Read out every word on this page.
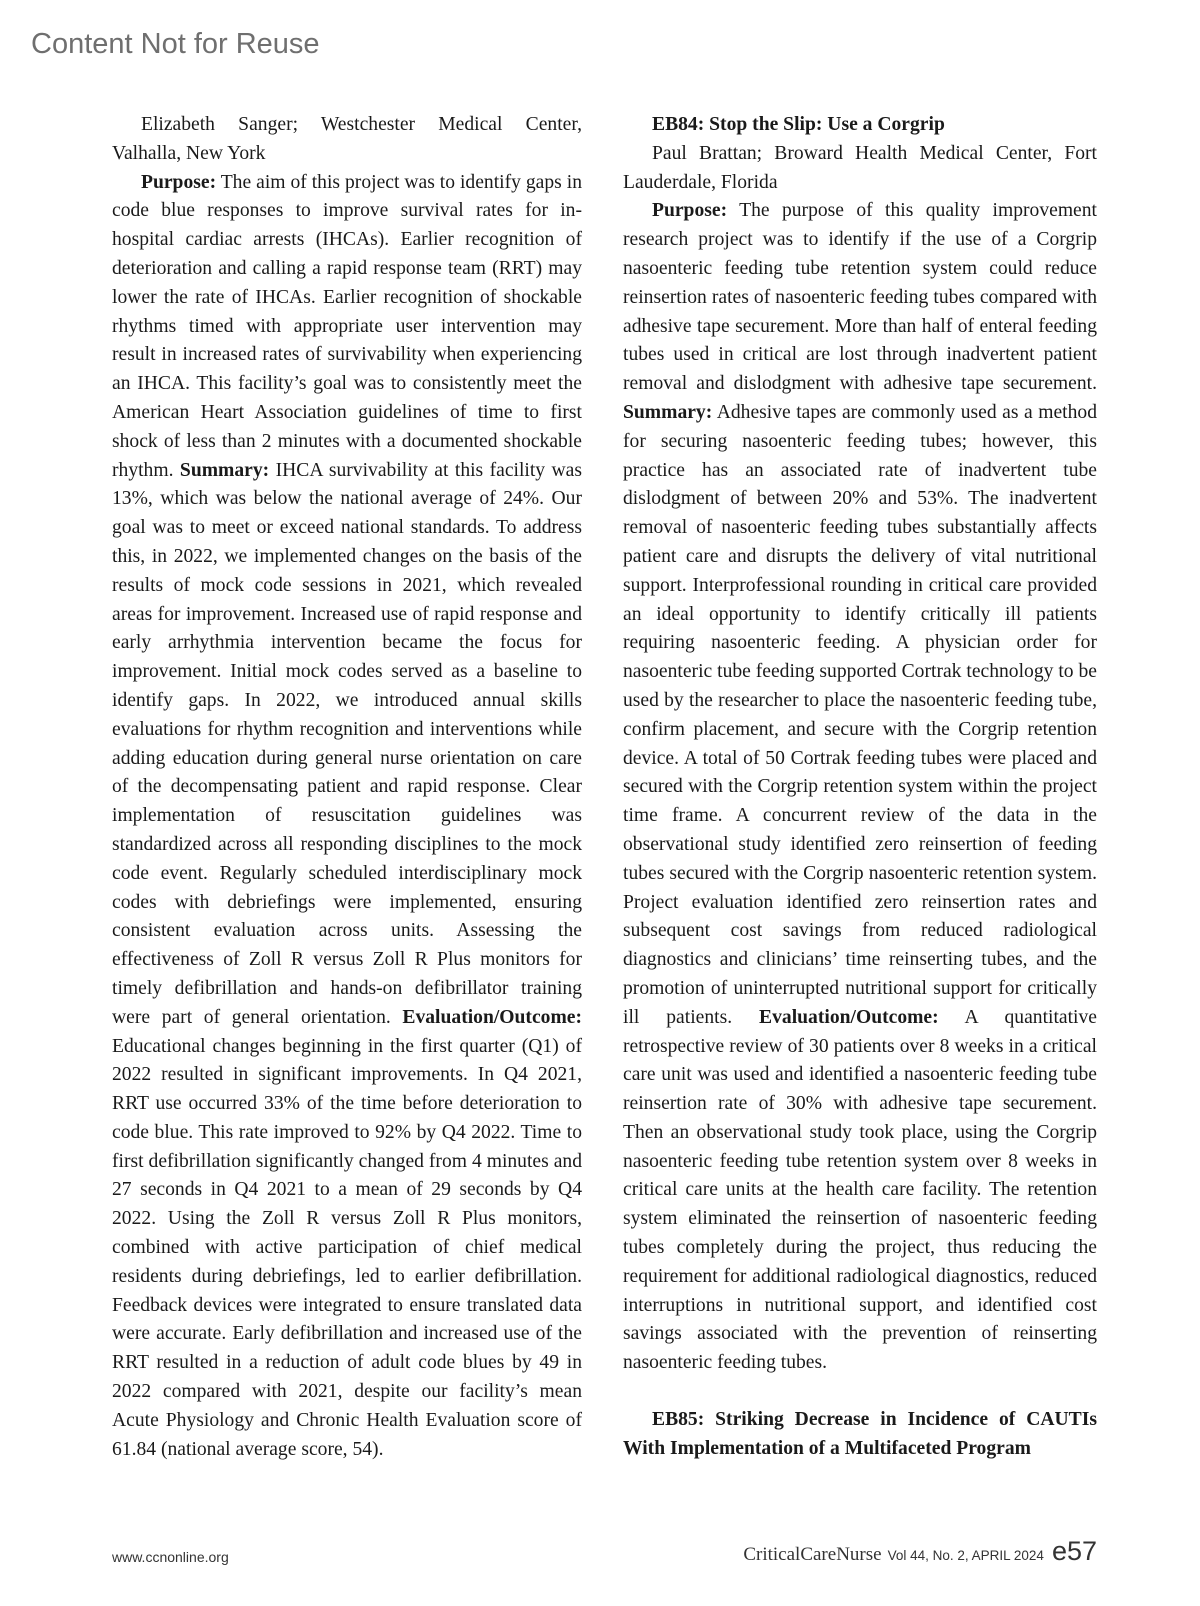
Content Not for Reuse

Elizabeth Sanger; Westchester Medical Center, Valhalla, New York

Purpose: The aim of this project was to identify gaps in code blue responses to improve survival rates for in-hospital cardiac arrests (IHCAs). Earlier recognition of deterioration and calling a rapid response team (RRT) may lower the rate of IHCAs. Earlier recognition of shockable rhythms timed with appropriate user intervention may result in increased rates of survivability when experiencing an IHCA. This facility’s goal was to consistently meet the American Heart Association guidelines of time to first shock of less than 2 minutes with a documented shockable rhythm. Summary: IHCA survivability at this facility was 13%, which was below the national average of 24%. Our goal was to meet or exceed national standards. To address this, in 2022, we implemented changes on the basis of the results of mock code sessions in 2021, which revealed areas for improvement. Increased use of rapid response and early arrhythmia intervention became the focus for improvement. Initial mock codes served as a baseline to identify gaps. In 2022, we introduced annual skills evaluations for rhythm recognition and interventions while adding education during general nurse orientation on care of the decompensating patient and rapid response. Clear implementation of resuscitation guidelines was standardized across all responding disciplines to the mock code event. Regularly scheduled interdisciplinary mock codes with debriefings were implemented, ensuring consistent evaluation across units. Assessing the effectiveness of Zoll R versus Zoll R Plus monitors for timely defibrillation and hands-on defibrillator training were part of general orientation. Evaluation/Outcome: Educational changes beginning in the first quarter (Q1) of 2022 resulted in significant improvements. In Q4 2021, RRT use occurred 33% of the time before deterioration to code blue. This rate improved to 92% by Q4 2022. Time to first defibrillation significantly changed from 4 minutes and 27 seconds in Q4 2021 to a mean of 29 seconds by Q4 2022. Using the Zoll R versus Zoll R Plus monitors, combined with active participation of chief medical residents during debriefings, led to earlier defibrillation. Feedback devices were integrated to ensure translated data were accurate. Early defibrillation and increased use of the RRT resulted in a reduction of adult code blues by 49 in 2022 compared with 2021, despite our facility’s mean Acute Physiology and Chronic Health Evaluation score of 61.84 (national average score, 54).

EB84: Stop the Slip: Use a Corgrip

Paul Brattan; Broward Health Medical Center, Fort Lauderdale, Florida

Purpose: The purpose of this quality improvement research project was to identify if the use of a Corgrip nasoenteric feeding tube retention system could reduce reinsertion rates of nasoenteric feeding tubes compared with adhesive tape securement. More than half of enteral feeding tubes used in critical are lost through inadvertent patient removal and dislodgment with adhesive tape securement. Summary: Adhesive tapes are commonly used as a method for securing nasoenteric feeding tubes; however, this practice has an associated rate of inadvertent tube dislodgment of between 20% and 53%. The inadvertent removal of nasoenteric feeding tubes substantially affects patient care and disrupts the delivery of vital nutritional support. Interprofessional rounding in critical care provided an ideal opportunity to identify critically ill patients requiring nasoenteric feeding. A physician order for nasoenteric tube feeding supported Cortrak technology to be used by the researcher to place the nasoenteric feeding tube, confirm placement, and secure with the Corgrip retention device. A total of 50 Cortrak feeding tubes were placed and secured with the Corgrip retention system within the project time frame. A concurrent review of the data in the observational study identified zero reinsertion of feeding tubes secured with the Corgrip nasoenteric retention system. Project evaluation identified zero reinsertion rates and subsequent cost savings from reduced radiological diagnostics and clinicians’ time reinserting tubes, and the promotion of uninterrupted nutritional support for critically ill patients. Evaluation/Outcome: A quantitative retrospective review of 30 patients over 8 weeks in a critical care unit was used and identified a nasoenteric feeding tube reinsertion rate of 30% with adhesive tape securement. Then an observational study took place, using the Corgrip nasoenteric feeding tube retention system over 8 weeks in critical care units at the health care facility. The retention system eliminated the reinsertion of nasoenteric feeding tubes completely during the project, thus reducing the requirement for additional radiological diagnostics, reduced interruptions in nutritional support, and identified cost savings associated with the prevention of reinserting nasoenteric feeding tubes.

EB85: Striking Decrease in Incidence of CAUTIs With Implementation of a Multifaceted Program

www.ccnonline.org	CriticalCareNurse Vol 44, No. 2, APRIL 2024 e57
